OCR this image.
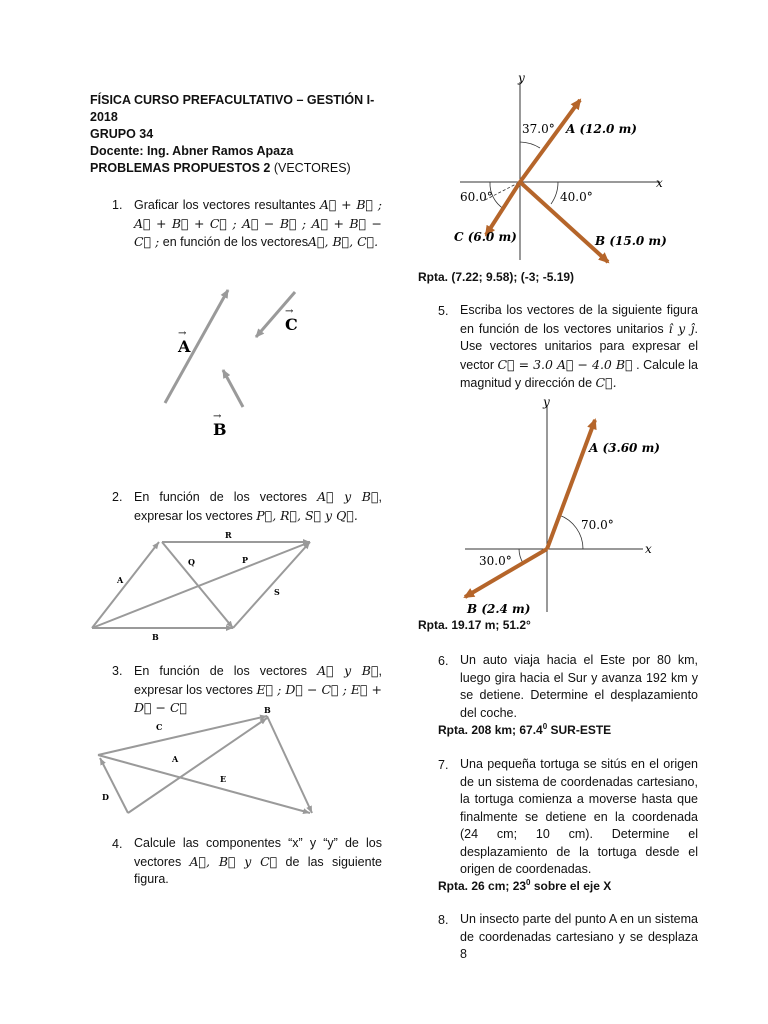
FÍSICA CURSO PREFACULTATIVO – GESTIÓN I-2018
GRUPO 34
Docente: Ing. Abner Ramos Apaza
PROBLEMAS PROPUESTOS 2 (VECTORES)
1. Graficar los vectores resultantes A⃗ + B⃗ ; A⃗ + B⃗ + C⃗ ; A⃗ − B⃗ ; A⃗ + B⃗ − C⃗ ; en función de los vectoresA⃗, B⃗, C⃗.
A
C
B
→
→
→
2. En función de los vectores A⃗ y B⃗, expresar los vectores P⃗, R⃗, S⃗ y Q⃗.
R
Q	P
A
S
B
3. En función de los vectores A⃗ y B⃗, expresar los vectores E⃗ ; D⃗ − C⃗ ; E⃗ + D⃗ − C⃗	B
C
A
D
E
4. Calcule las componentes “x” y “y” de los vectores A⃗, B⃗ y C⃗ de las siguiente figura.
y
x
37.0° A (12.0 m)
60.0°	40.0°
C (6.0 m)	B (15.0 m)
Rpta. (7.22; 9.58); (-3; -5.19)
5. Escriba los vectores de la siguiente figura en función de los vectores unitarios î y ĵ. Use vectores unitarios para expresar el vector C⃗ = 3.0 A⃗ − 4.0 B⃗ . Calcule la magnitud y dirección de C⃗.
y
x
A (3.60 m)
70.0°
30.0°
B (2.4 m)
Rpta. 19.17 m; 51.2°
6. Un auto viaja hacia el Este por 80 km, luego gira hacia el Sur y avanza 192 km y se detiene. Determine el desplazamiento del coche.
Rpta. 208 km; 67.4$^0$ SUR-ESTE
7. Una pequeña tortuga se sitús en el origen de un sistema de coordenadas cartesiano, la tortuga comienza a moverse hasta que finalmente se detiene en la coordenada (24 cm; 10 cm). Determine el desplazamiento de la tortuga desde el origen de coordenadas.
Rpta. 26 cm; $23^0$ sobre el eje X
8. Un insecto parte del punto A en un sistema de coordenadas cartesiano y se desplaza 8
